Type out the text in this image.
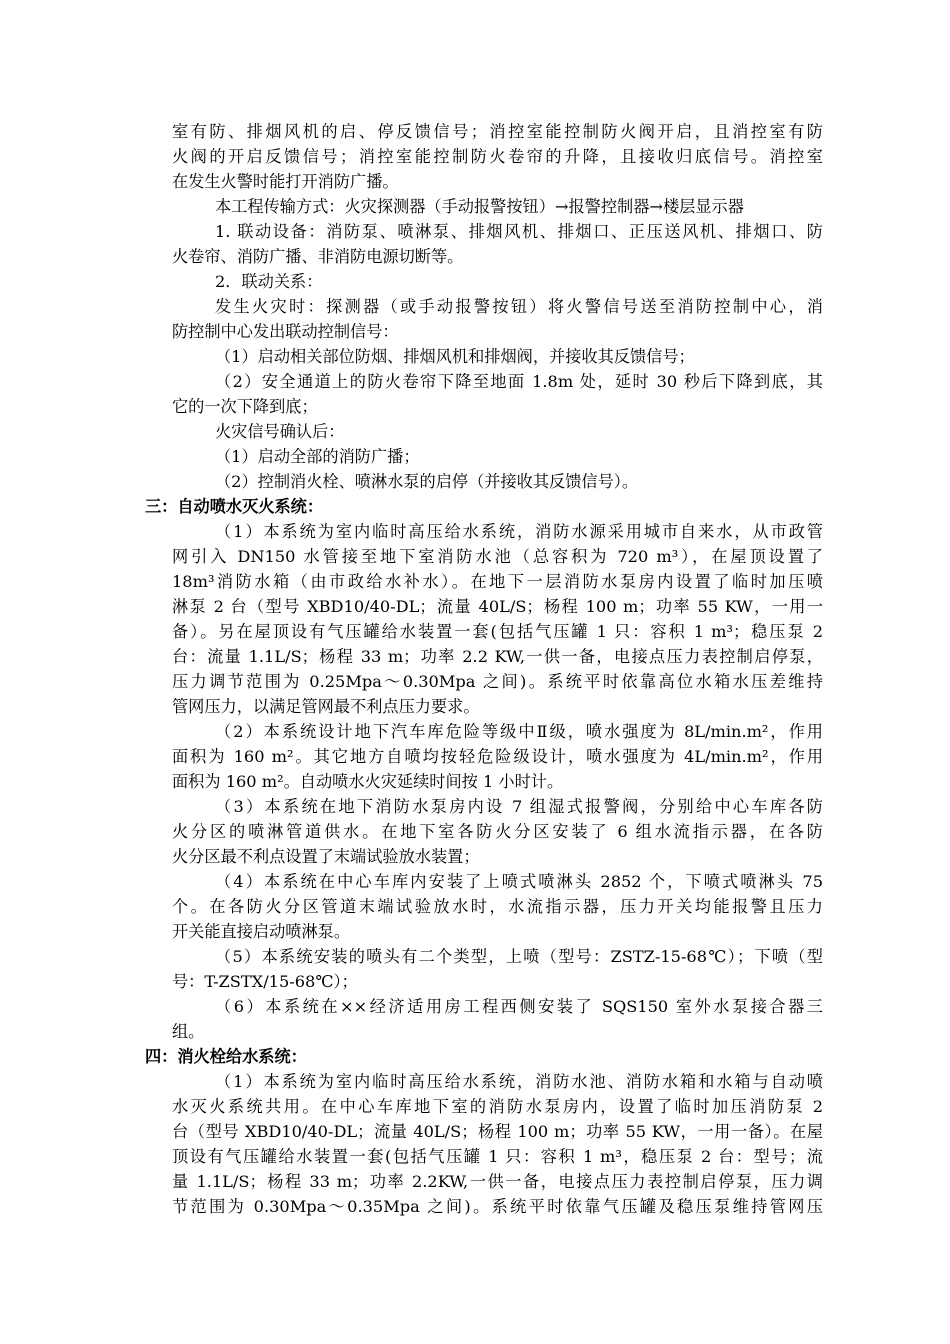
室有防、排烟风机的启、停反馈信号；消控室能控制防火阀开启，且消控室有防
火阀的开启反馈信号；消控室能控制防火卷帘的升降，且接收归底信号。消控室
在发生火警时能打开消防广播。
本工程传输方式：火灾探测器（手动报警按钮）→报警控制器→楼层显示器
1. 联动设备：消防泵、喷淋泵、排烟风机、排烟口、正压送风机、排烟口、防
火卷帘、消防广播、非消防电源切断等。
2．联动关系：
发生火灾时：探测器（或手动报警按钮）将火警信号送至消防控制中心，消
防控制中心发出联动控制信号：
（1）启动相关部位防烟、排烟风机和排烟阀，并接收其反馈信号；
（2）安全通道上的防火卷帘下降至地面 1.8m 处，延时 30 秒后下降到底，其
它的一次下降到底；
火灾信号确认后：
（1）启动全部的消防广播；
（2）控制消火栓、喷淋水泵的启停（并接收其反馈信号）。
三：自动喷水灭火系统：
（1）本系统为室内临时高压给水系统，消防水源采用城市自来水，从市政管
网引入 DN150 水管接至地下室消防水池（总容积为 720 m³），在屋顶设置了
18m³消防水箱（由市政给水补水）。在地下一层消防水泵房内设置了临时加压喷
淋泵 2 台（型号 XBD10/40-DL；流量 40L/S；杨程 100 m；功率 55 KW，一用一
备）。另在屋顶设有气压罐给水装置一套(包括气压罐 1 只：容积 1 m³；稳压泵 2
台：流量 1.1L/S；杨程 33 m；功率 2.2 KW,一供一备，电接点压力表控制启停泵，
压力调节范围为 0.25Mpa～0.30Mpa 之间)。系统平时依靠高位水箱水压差维持
管网压力，以满足管网最不利点压力要求。
（2）本系统设计地下汽车库危险等级中Ⅱ级，喷水强度为 8L/min.m²，作用
面积为 160 m²。其它地方自喷均按轻危险级设计，喷水强度为 4L/min.m²，作用
面积为 160 m²。自动喷水火灾延续时间按 1 小时计。
（3）本系统在地下消防水泵房内设 7 组湿式报警阀，分别给中心车库各防
火分区的喷淋管道供水。在地下室各防火分区安装了 6 组水流指示器，在各防
火分区最不利点设置了末端试验放水装置；
（4）本系统在中心车库内安装了上喷式喷淋头 2852 个，下喷式喷淋头 75
个。在各防火分区管道末端试验放水时，水流指示器，压力开关均能报警且压力
开关能直接启动喷淋泵。
（5）本系统安装的喷头有二个类型，上喷（型号：ZSTZ-15-68℃）；下喷（型
号：T-ZSTX/15-68℃）；
（6）本系统在××经济适用房工程西侧安装了 SQS150 室外水泵接合器三
组。
四：消火栓给水系统：
（1）本系统为室内临时高压给水系统，消防水池、消防水箱和水箱与自动喷
水灭火系统共用。在中心车库地下室的消防水泵房内，设置了临时加压消防泵 2
台（型号 XBD10/40-DL；流量 40L/S；杨程 100 m；功率 55 KW，一用一备）。在屋
顶设有气压罐给水装置一套(包括气压罐 1 只：容积 1 m³，稳压泵 2 台：型号；流
量 1.1L/S；杨程 33 m；功率 2.2KW,一供一备，电接点压力表控制启停泵，压力调
节范围为 0.30Mpa～0.35Mpa 之间)。系统平时依靠气压罐及稳压泵维持管网压
